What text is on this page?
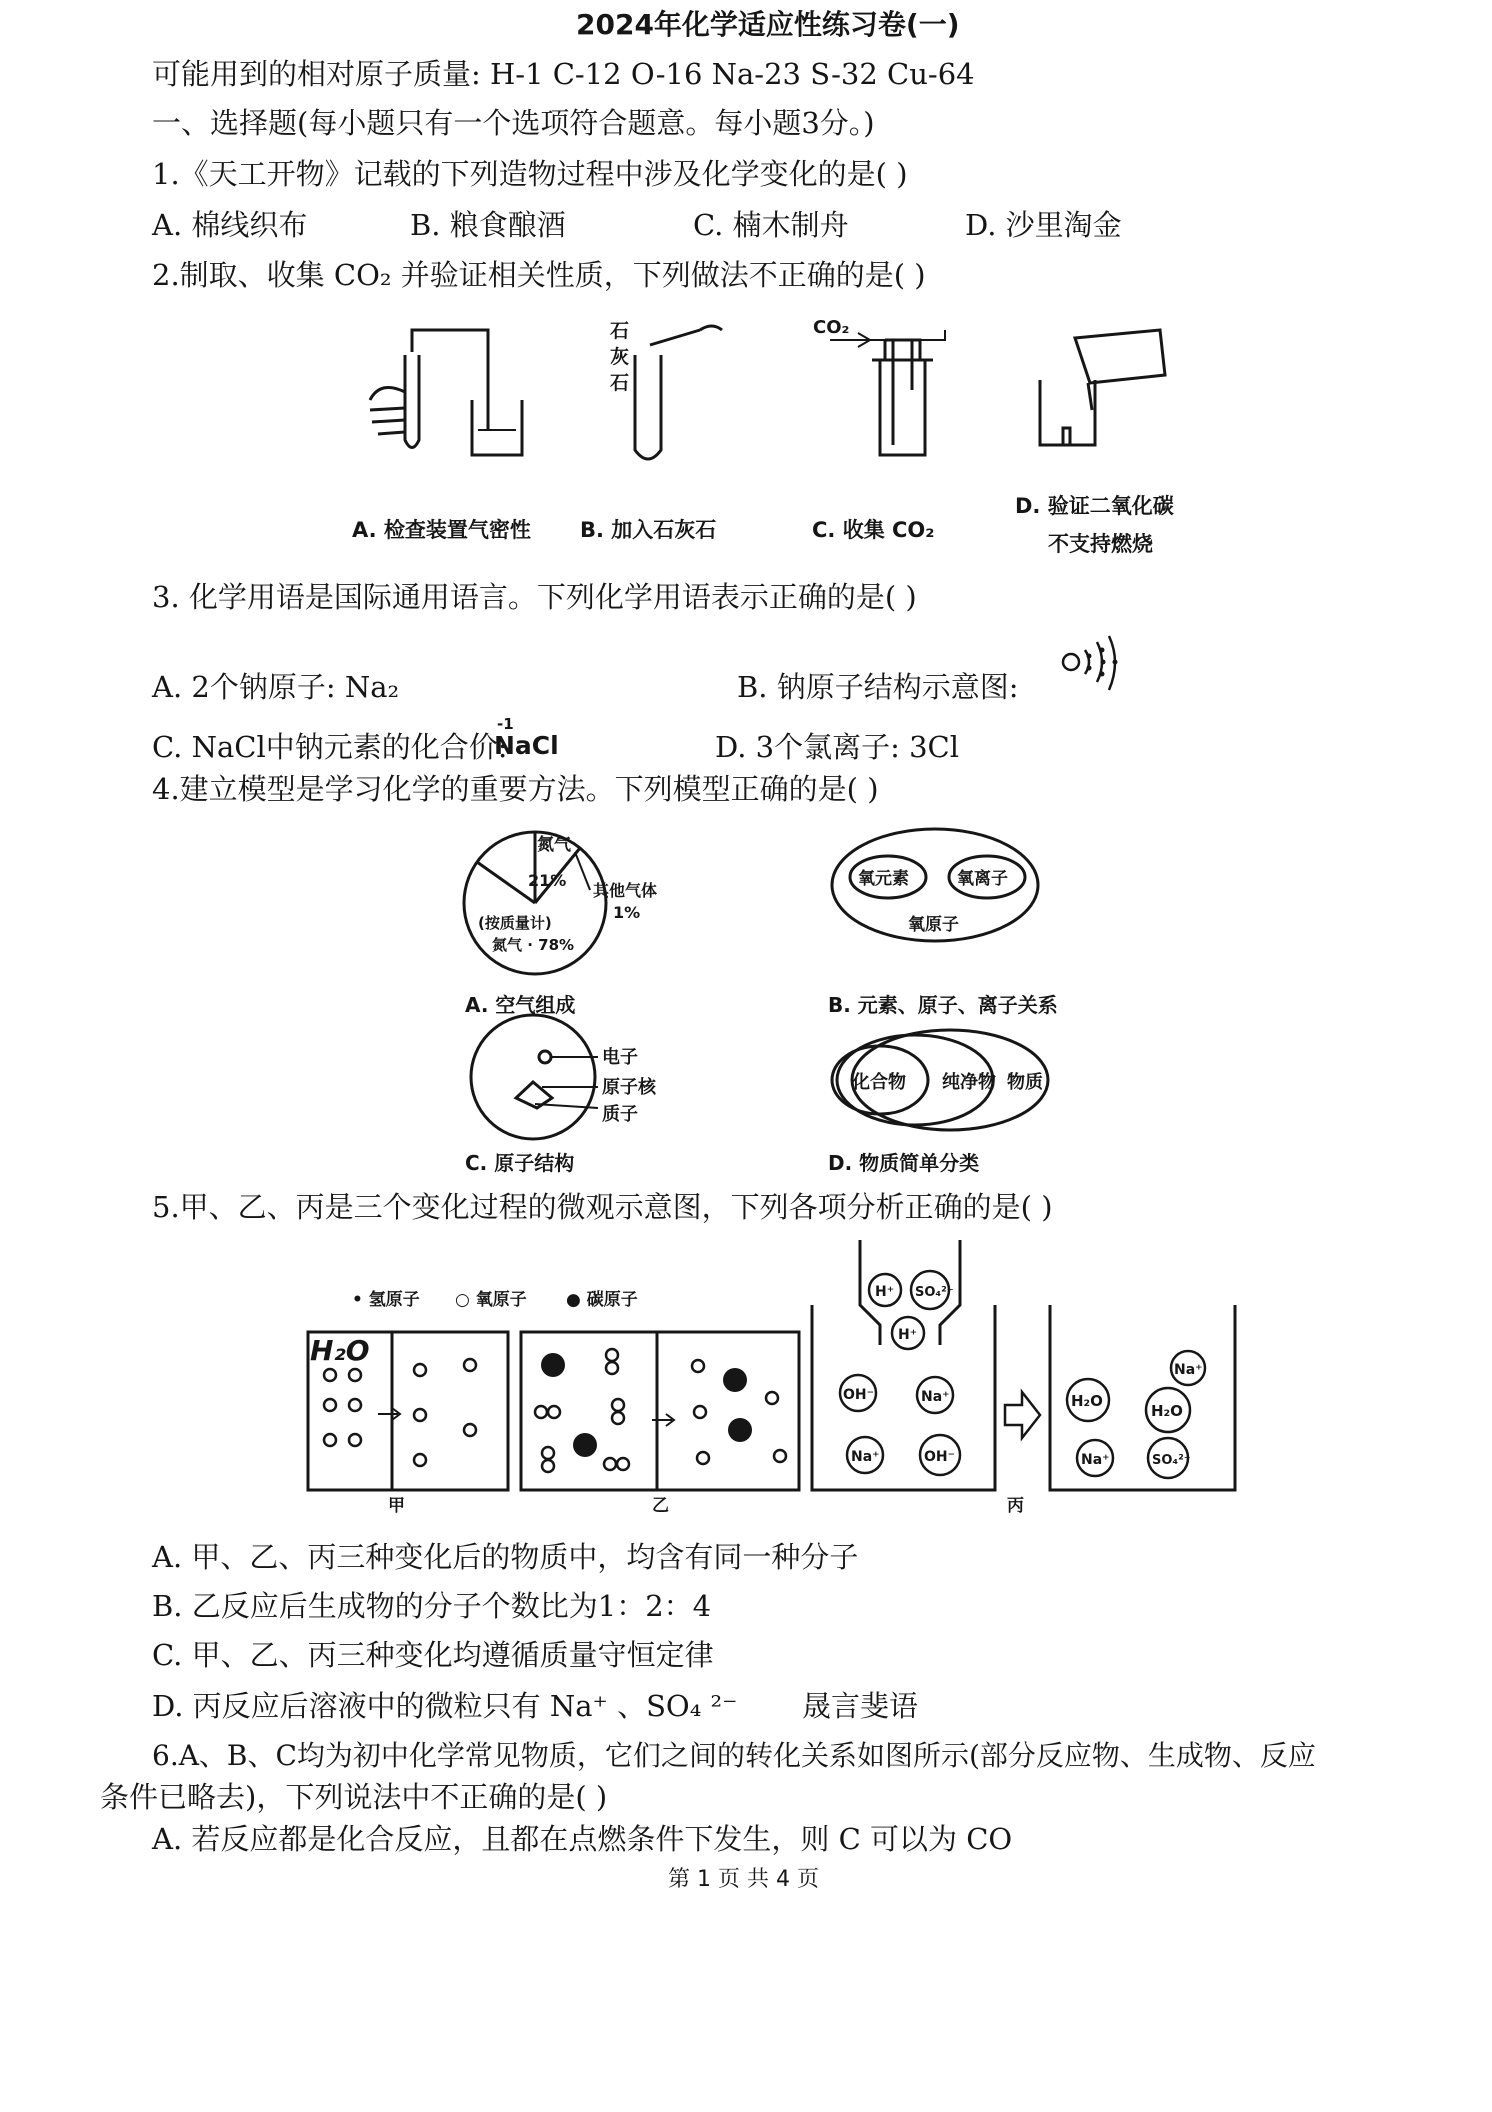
2024年化学适应性练习卷(一)
可能用到的相对原子质量: H-1 C-12 O-16 Na-23 S-32 Cu-64
一、选择题(每小题只有一个选项符合题意。每小题3分。)
1.《天工开物》记载的下列造物过程中涉及化学变化的是( )
A. 棉线织布	B. 粮食酿酒	C. 楠木制舟	D. 沙里淘金
2.制取、收集 CO₂ 并验证相关性质，下列做法不正确的是( )
石
灰
石
CO₂
A. 检查装置气密性 B. 加入石灰石	C. 收集 CO₂
D. 验证二氧化碳
不支持燃烧
3. 化学用语是国际通用语言。下列化学用语表示正确的是( )
A. 2个钠原子: Na₂	B. 钠原子结构示意图:
C. NaCl中钠元素的化合价:
-1
NaCl	D. 3个氯离子: 3Cl
4.建立模型是学习化学的重要方法。下列模型正确的是( )
氮气
21%
其他气体
1%
(按质量计)
氮气 · 78%
氧元素	氧离子
氧原子
电子
原子核
质子
化合物 纯净物 物质
A. 空气组成	B. 元素、原子、离子关系
C. 原子结构	D. 物质简单分类
5.甲、乙、丙是三个变化过程的微观示意图，下列各项分析正确的是( )
• 氢原子 ○ 氧原子 ● 碳原子	H⁺ SO₄²⁻
H⁺
OH⁻	Na⁺
Na⁺	OH⁻
Na⁺
H₂O
H₂O
Na⁺	SO₄²⁻
H₂O
甲	乙	丙
A. 甲、乙、丙三种变化后的物质中，均含有同一种分子
B. 乙反应后生成物的分子个数比为1：2：4
C. 甲、乙、丙三种变化均遵循质量守恒定律
D. 丙反应后溶液中的微粒只有 Na⁺ 、SO₄ ²⁻ 晟言斐语
6.A、B、C均为初中化学常见物质，它们之间的转化关系如图所示(部分反应物、生成物、反应
条件已略去)，下列说法中不正确的是( )
A. 若反应都是化合反应，且都在点燃条件下发生，则 C 可以为 CO
第 1 页 共 4 页
